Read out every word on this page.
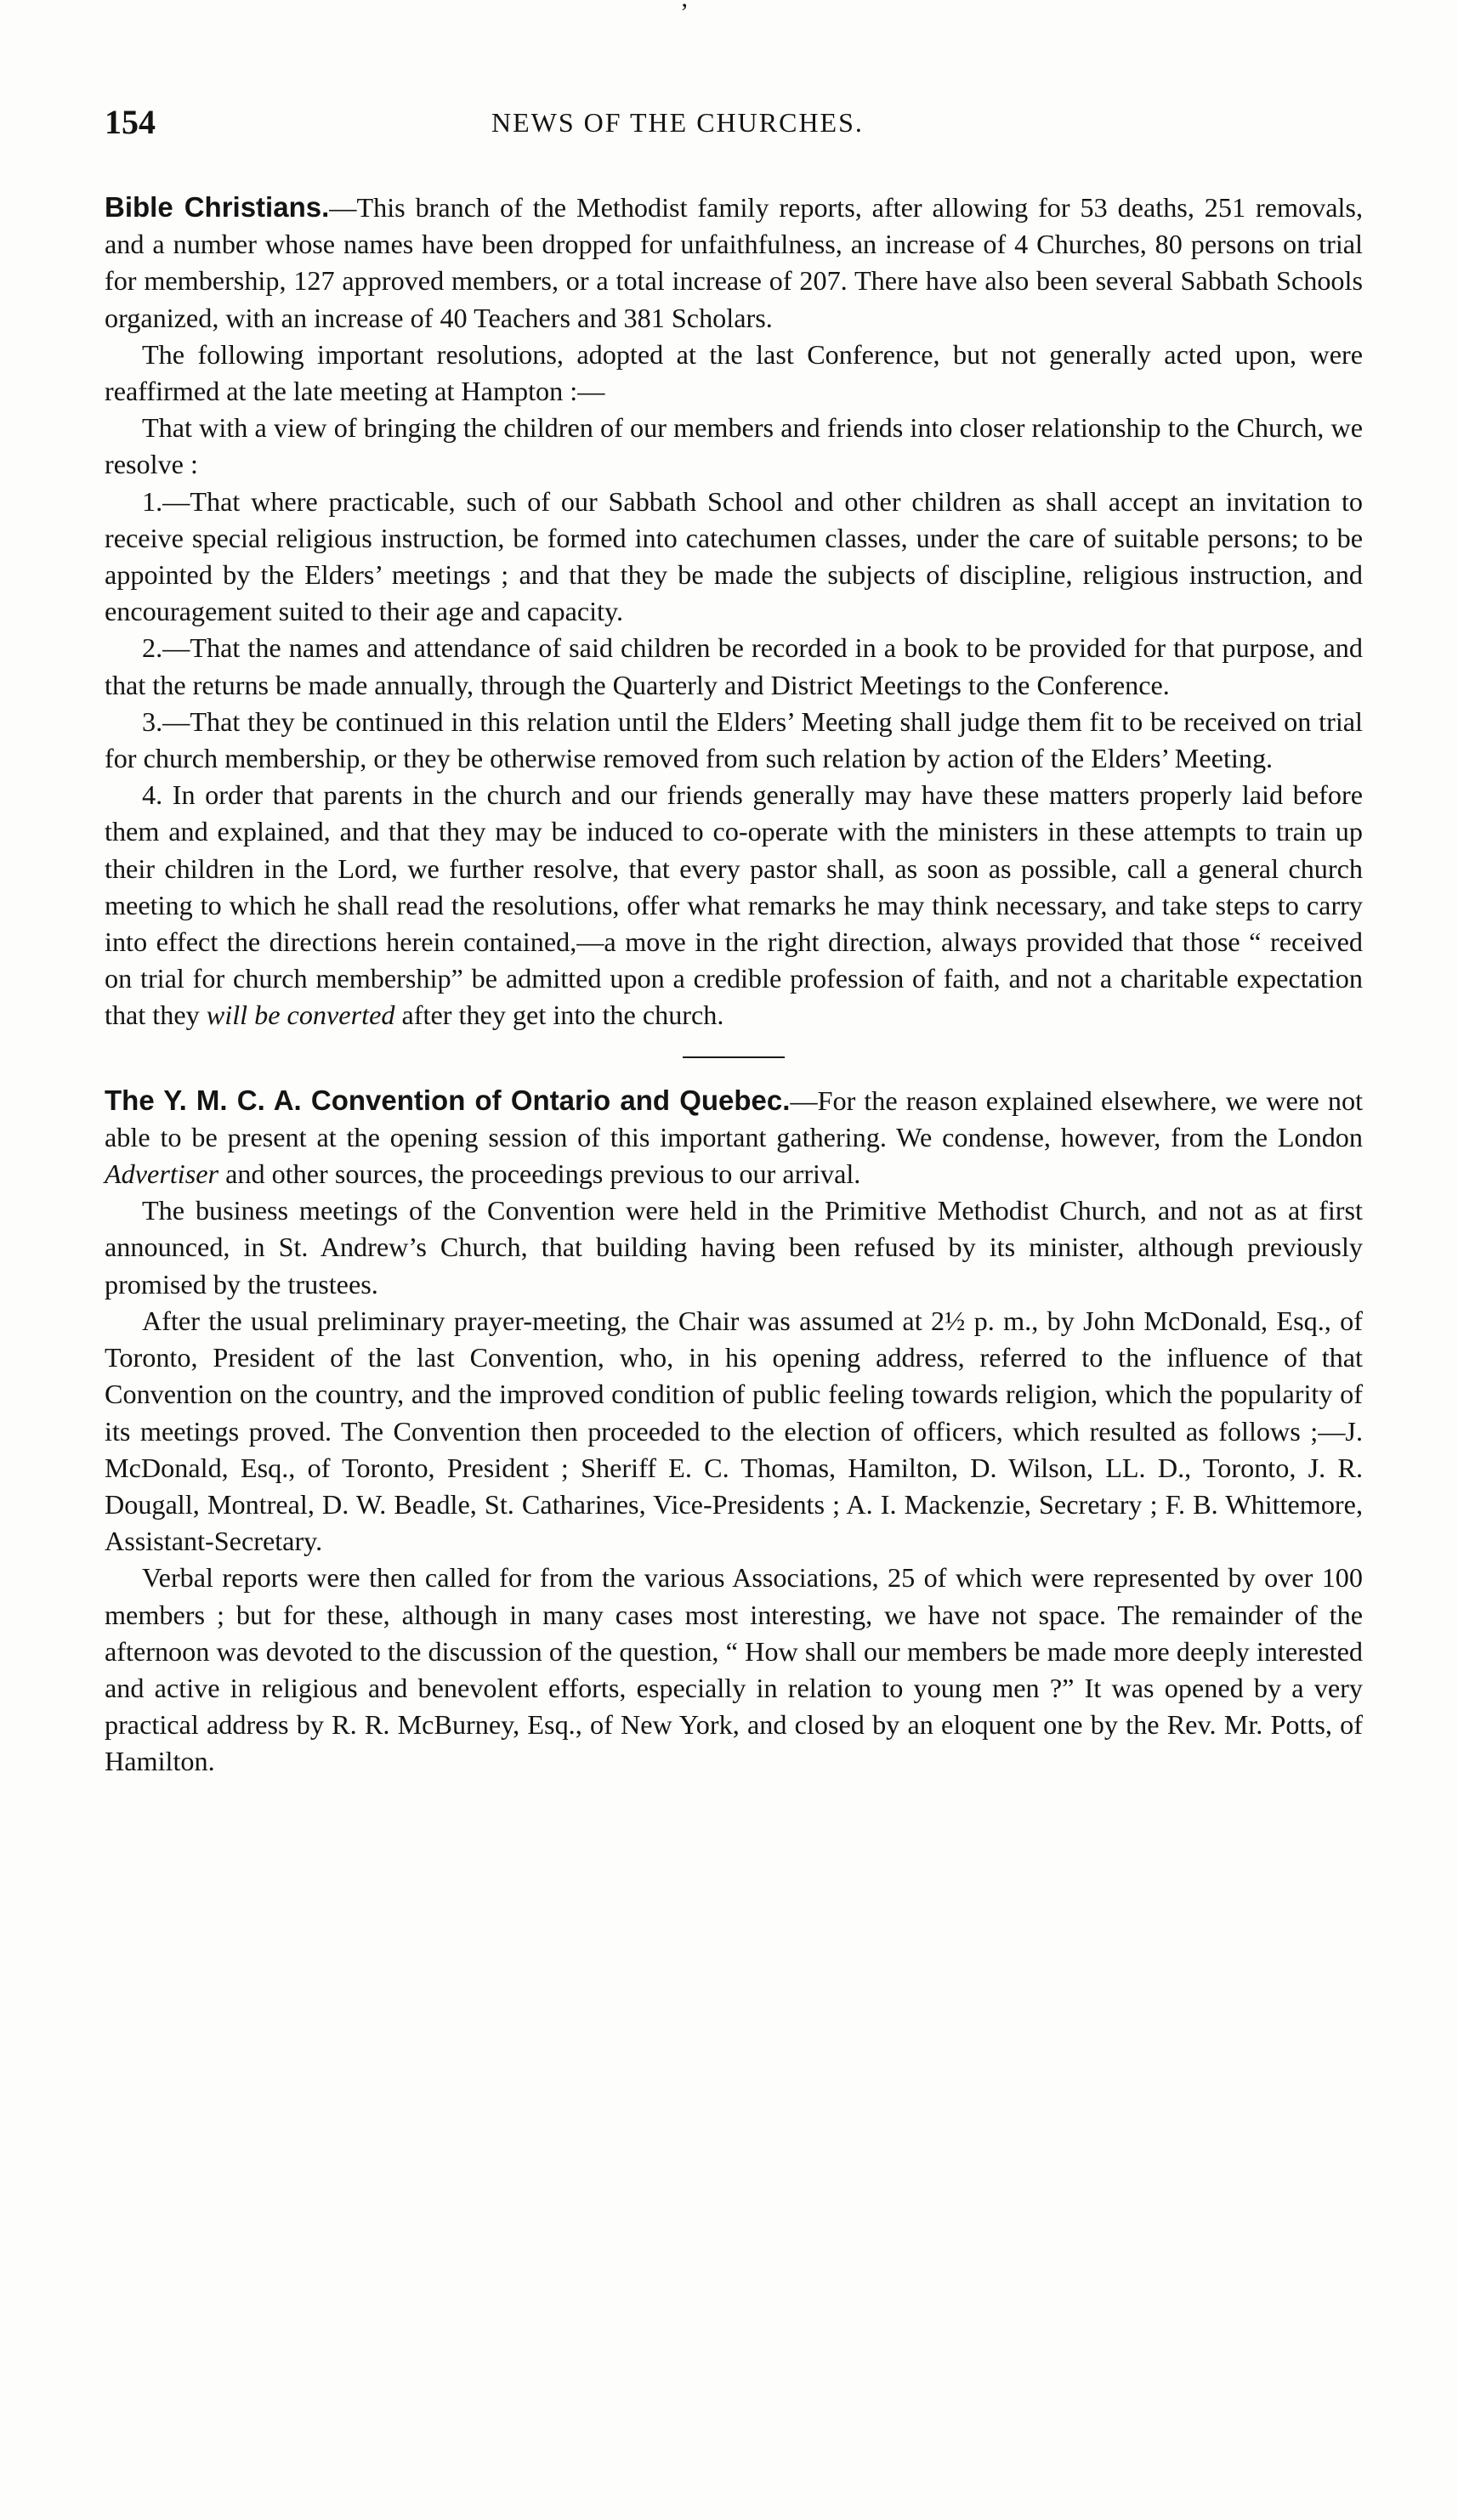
’
154	NEWS OF THE CHURCHES.

Bible Christians.—This branch of the Methodist family reports, after allowing for 53 deaths, 251 removals, and a number whose names have been dropped for unfaithfulness, an increase of 4 Churches, 80 persons on trial for membership, 127 approved members, or a total increase of 207. There have also been several Sabbath Schools organized, with an increase of 40 Teachers and 381 Scholars.

The following important resolutions, adopted at the last Conference, but not generally acted upon, were reaffirmed at the late meeting at Hampton :—

That with a view of bringing the children of our members and friends into closer relationship to the Church, we resolve :

1.—That where practicable, such of our Sabbath School and other children as shall accept an invitation to receive special religious instruction, be formed into catechumen classes, under the care of suitable persons; to be appointed by the Elders’ meetings ; and that they be made the subjects of discipline, religious instruction, and encouragement suited to their age and capacity.

2.—That the names and attendance of said children be recorded in a book to be provided for that purpose, and that the returns be made annually, through the Quarterly and District Meetings to the Conference.

3.—That they be continued in this relation until the Elders’ Meeting shall judge them fit to be received on trial for church membership, or they be otherwise removed from such relation by action of the Elders’ Meeting.

4. In order that parents in the church and our friends generally may have these matters properly laid before them and explained, and that they may be induced to co-operate with the ministers in these attempts to train up their children in the Lord, we further resolve, that every pastor shall, as soon as possible, call a general church meeting to which he shall read the resolutions, offer what remarks he may think necessary, and take steps to carry into effect the directions herein contained,—a move in the right direction, always provided that those “ received on trial for church membership” be admitted upon a credible profession of faith, and not a charitable expectation that they will be converted after they get into the church.

The Y. M. C. A. Convention of Ontario and Quebec.—For the reason explained elsewhere, we were not able to be present at the opening session of this important gathering. We condense, however, from the London Advertiser and other sources, the proceedings previous to our arrival.

The business meetings of the Convention were held in the Primitive Methodist Church, and not as at first announced, in St. Andrew’s Church, that building having been refused by its minister, although previously promised by the trustees.

After the usual preliminary prayer-meeting, the Chair was assumed at 2½ p. m., by John McDonald, Esq., of Toronto, President of the last Convention, who, in his opening address, referred to the influence of that Convention on the country, and the improved condition of public feeling towards religion, which the popularity of its meetings proved. The Convention then proceeded to the election of officers, which resulted as follows ;—J. McDonald, Esq., of Toronto, President ; Sheriff E. C. Thomas, Hamilton, D. Wilson, LL. D., Toronto, J. R. Dougall, Montreal, D. W. Beadle, St. Catharines, Vice-Presidents ; A. I. Mackenzie, Secretary ; F. B. Whittemore, Assistant-Secretary.

Verbal reports were then called for from the various Associations, 25 of which were represented by over 100 members ; but for these, although in many cases most interesting, we have not space. The remainder of the afternoon was devoted to the discussion of the question, “ How shall our members be made more deeply interested and active in religious and benevolent efforts, especially in relation to young men ?” It was opened by a very practical address by R. R. McBurney, Esq., of New York, and closed by an eloquent one by the Rev. Mr. Potts, of Hamilton.
